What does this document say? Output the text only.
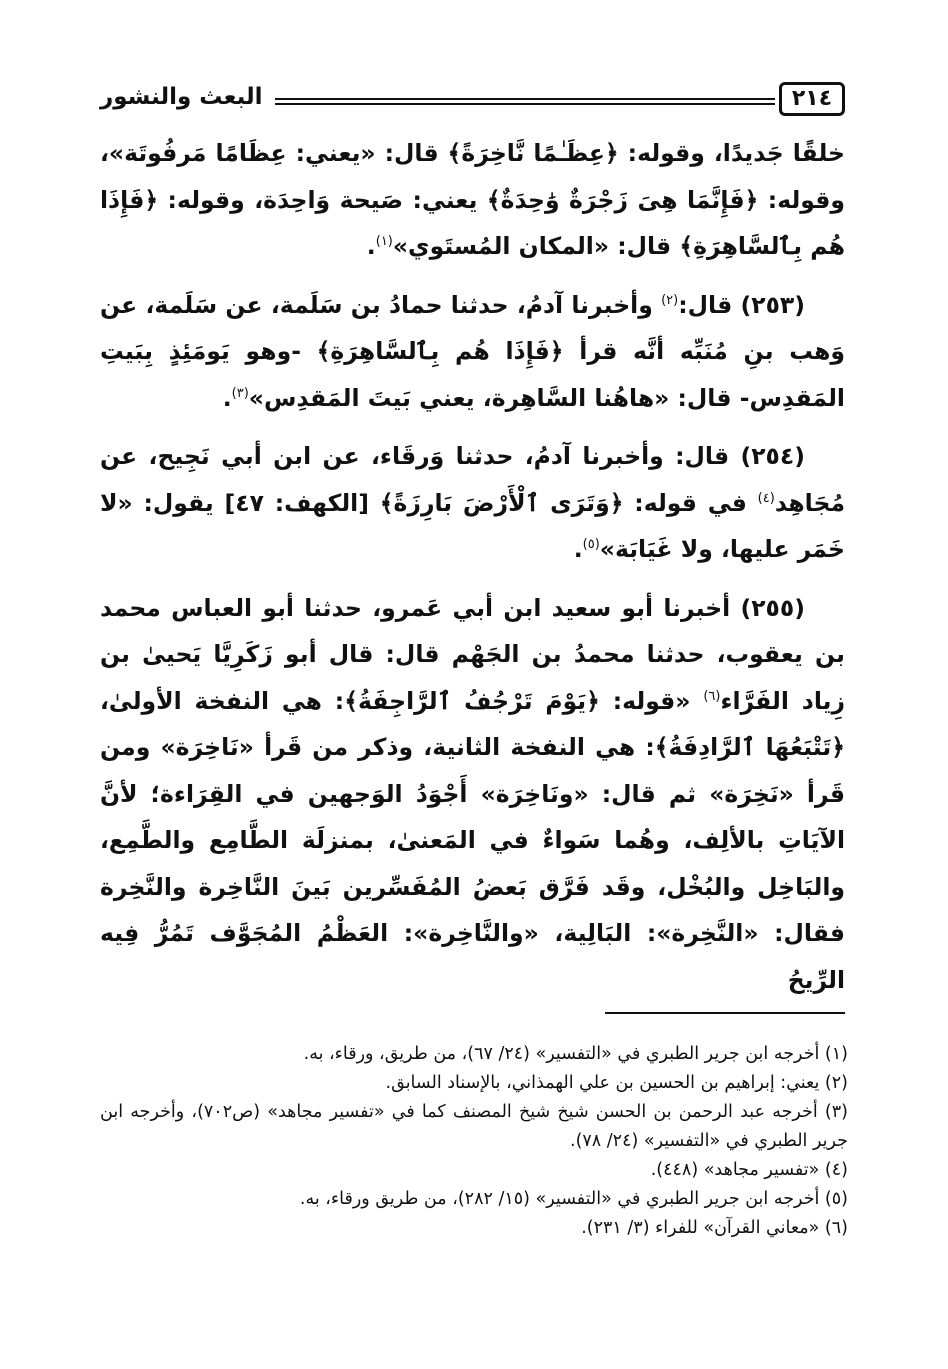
٢١٤
البعث والنشور

خلقًا جَديدًا، وقوله: ﴿عِظَـٰمًا نَّاخِرَةً﴾ قال: «يعني: عِظَامًا مَرفُوتَة»، وقوله: ﴿فَإِنَّمَا هِىَ زَجْرَةٌ وَٰحِدَةٌ﴾ يعني: صَيحة وَاحِدَة، وقوله: ﴿فَإِذَا هُم بِٱلسَّاهِرَةِ﴾ قال: «المكان المُستَوي»$^{(١)}$.

(٢٥٣) قال:$^{(٢)}$ وأخبرنا آدمُ، حدثنا حمادُ بن سَلَمة، عن سَلَمة، عن وَهب بنِ مُنَبِّه أنَّه قرأ ﴿فَإِذَا هُم بِٱلسَّاهِرَةِ﴾ -وهو يَومَئِذٍ بِبَيتِ المَقدِس- قال: «هاهُنا السَّاهِرة، يعني بَيتَ المَقدِس»$^{(٣)}$.

(٢٥٤) قال: وأخبرنا آدمُ، حدثنا وَرقَاء، عن ابن أبي نَجِيح، عن مُجَاهِد$^{(٤)}$ في قوله: ﴿وَتَرَى ٱلْأَرْضَ بَارِزَةً﴾ [الكهف: ٤٧] يقول: «لا خَمَر عليها، ولا غَيَابَة»$^{(٥)}$.

(٢٥٥) أخبرنا أبو سعيد ابن أبي عَمرو، حدثنا أبو العباس محمد بن يعقوب، حدثنا محمدُ بن الجَهْم قال: قال أبو زَكَرِيَّا يَحيىٰ بن زِياد الفَرَّاء$^{(٦)}$ «قوله: ﴿يَوْمَ تَرْجُفُ ٱلرَّاجِفَةُ﴾: هي النفخة الأولىٰ، ﴿تَتْبَعُهَا ٱلرَّادِفَةُ﴾: هي النفخة الثانية، وذكر من قَرأ «نَاخِرَة» ومن قَرأ «نَخِرَة» ثم قال: «ونَاخِرَة» أَجْوَدُ الوَجهين في القِرَاءة؛ لأنَّ الآيَاتِ بالألِف، وهُما سَواءٌ في المَعنىٰ، بمنزلَة الطَّامِع والطَّمِع، والبَاخِل والبُخْل، وقَد فَرَّق بَعضُ المُفَسِّرين بَينَ النَّاخِرة والنَّخِرة فقال: «النَّخِرة»: البَالِية، «والنَّاخِرة»: العَظْمُ المُجَوَّف تَمُرُّ فِيه الرِّيحُ

(١) أخرجه ابن جرير الطبري في «التفسير» (٢٤/ ٦٧)، من طريق، ورقاء، به.

(٢) يعني: إبراهيم بن الحسين بن علي الهمذاني، بالإسناد السابق.

(٣) أخرجه عبد الرحمن بن الحسن شيخ شيخ المصنف كما في «تفسير مجاهد» (ص٧٠٢)، وأخرجه ابن جرير الطبري في «التفسير» (٢٤/ ٧٨).

(٤) «تفسير مجاهد» (٤٤٨).

(٥) أخرجه ابن جرير الطبري في «التفسير» (١٥/ ٢٨٢)، من طريق ورقاء، به.

(٦) «معاني القرآن» للفراء (٣/ ٢٣١).
